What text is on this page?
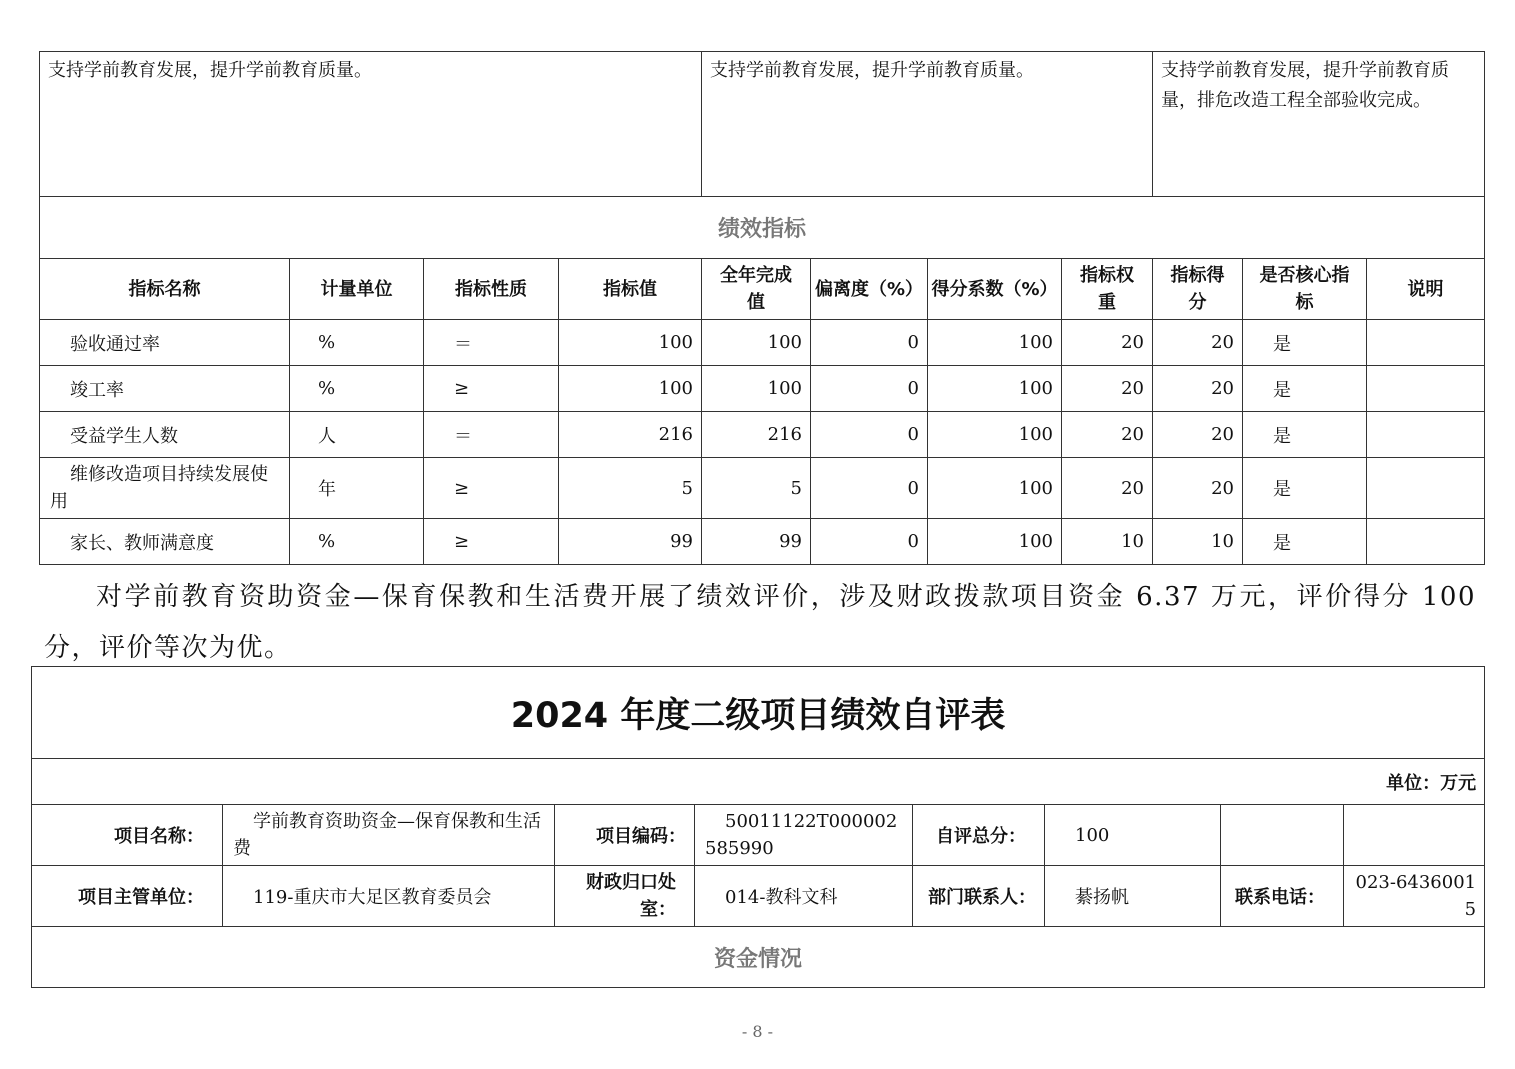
支持学前教育发展，提升学前教育质量。				支持学前教育发展，提升学前教育质量。				支持学前教育发展，提升学前教育质量，排危改造工程全部验收完成。		
绩效指标										
指标名称	计量单位	指标性质	指标值	全年完成值	偏离度（%）	得分系数（%）	指标权重	指标得分	是否核心指标	说明
验收通过率	%	＝	100	100	0	100	20	20	是	
竣工率	%	≥	100	100	0	100	20	20	是	
受益学生人数	人	＝	216	216	0	100	20	20	是	
维修改造项目持续发展使用	年	≥	5	5	0	100	20	20	是	
家长、教师满意度	%	≥	99	99	0	100	10	10	是	
对学前教育资助资金—保育保教和生活费开展了绩效评价，涉及财政拨款项目资金 6.37 万元，评价得分 100 分，评价等次为优。
2024 年度二级项目绩效自评表							
单位：万元							
项目名称：	学前教育资助资金—保育保教和生活费	项目编码：	50011122T000002585990	自评总分：	100		
项目主管单位：	119-重庆市大足区教育委员会	财政归口处室：	014-教科文科	部门联系人：	綦扬帆	联系电话：	023-64360015
资金情况							
- 8 -
